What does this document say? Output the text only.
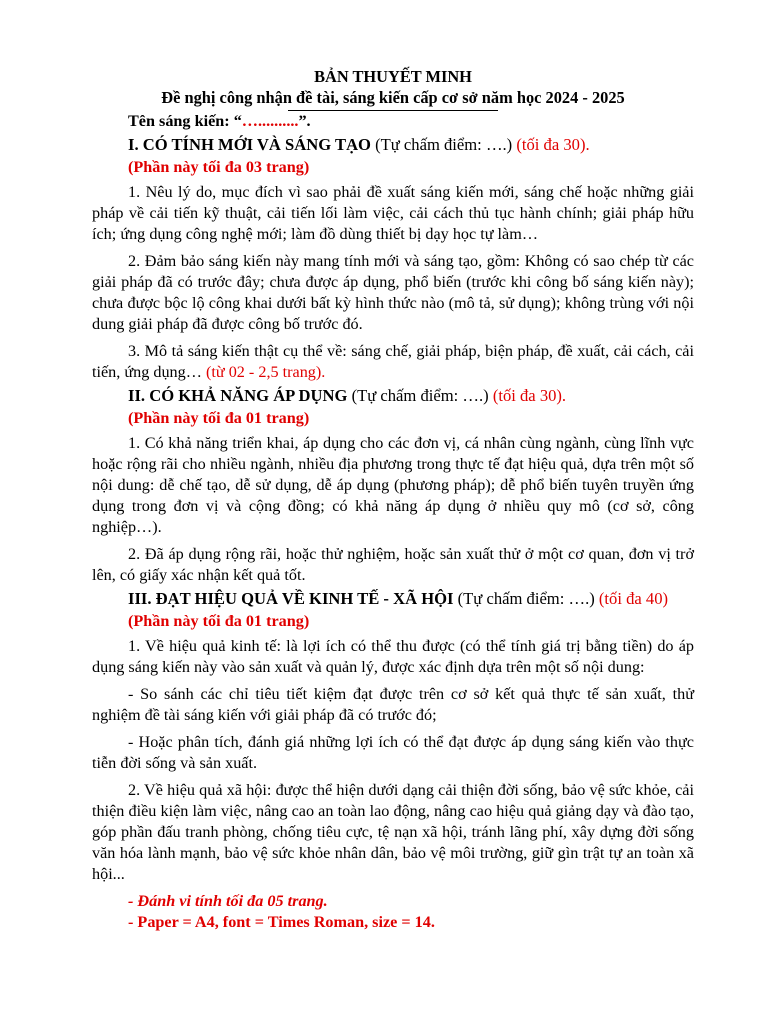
BẢN THUYẾT MINH

Đề nghị công nhận đề tài, sáng kiến cấp cơ sở năm học 2024 - 2025

Tên sáng kiến: “…..........”.

I. CÓ TÍNH MỚI VÀ SÁNG TẠO (Tự chấm điểm: ….) (tối đa 30).

(Phần này tối đa 03 trang)

1. Nêu lý do, mục đích vì sao phải đề xuất sáng kiến mới, sáng chế hoặc những giải pháp về cải tiến kỹ thuật, cải tiến lối làm việc, cải cách thủ tục hành chính; giải pháp hữu ích; ứng dụng công nghệ mới; làm đồ dùng thiết bị dạy học tự làm…

2. Đảm bảo sáng kiến này mang tính mới và sáng tạo, gồm: Không có sao chép từ các giải pháp đã có trước đây; chưa được áp dụng, phổ biến (trước khi công bố sáng kiến này); chưa được bộc lộ công khai dưới bất kỳ hình thức nào (mô tả, sử dụng); không trùng với nội dung giải pháp đã được công bố trước đó.

3. Mô tả sáng kiến thật cụ thể về: sáng chế, giải pháp, biện pháp, đề xuất, cải cách, cải tiến, ứng dụng… (từ 02 - 2,5 trang).

II. CÓ KHẢ NĂNG ÁP DỤNG (Tự chấm điểm: ….) (tối đa 30).

(Phần này tối đa 01 trang)

1. Có khả năng triển khai, áp dụng cho các đơn vị, cá nhân cùng ngành, cùng lĩnh vực hoặc rộng rãi cho nhiều ngành, nhiều địa phương trong thực tế đạt hiệu quả, dựa trên một số nội dung: dễ chế tạo, dễ sử dụng, dễ áp dụng (phương pháp); dễ phổ biến tuyên truyền ứng dụng trong đơn vị và cộng đồng; có khả năng áp dụng ở nhiều quy mô (cơ sở, công nghiệp…).

2. Đã áp dụng rộng rãi, hoặc thử nghiệm, hoặc sản xuất thử ở một cơ quan, đơn vị trở lên, có giấy xác nhận kết quả tốt.

III. ĐẠT HIỆU QUẢ VỀ KINH TẾ - XÃ HỘI (Tự chấm điểm: ….) (tối đa 40)

(Phần này tối đa 01 trang)

1. Về hiệu quả kinh tế: là lợi ích có thể thu được (có thể tính giá trị bằng tiền) do áp dụng sáng kiến này vào sản xuất và quản lý, được xác định dựa trên một số nội dung:

- So sánh các chỉ tiêu tiết kiệm đạt được trên cơ sở kết quả thực tế sản xuất, thử nghiệm đề tài sáng kiến với giải pháp đã có trước đó;

- Hoặc phân tích, đánh giá những lợi ích có thể đạt được áp dụng sáng kiến vào thực tiễn đời sống và sản xuất.

2. Về hiệu quả xã hội: được thể hiện dưới dạng cải thiện đời sống, bảo vệ sức khỏe, cải thiện điều kiện làm việc, nâng cao an toàn lao động, nâng cao hiệu quả giảng dạy và đào tạo, góp phần đấu tranh phòng, chống tiêu cực, tệ nạn xã hội, tránh lãng phí, xây dựng đời sống văn hóa lành mạnh, bảo vệ sức khỏe nhân dân, bảo vệ môi trường, giữ gìn trật tự an toàn xã hội...

- Đánh vi tính tối đa 05 trang.

- Paper = A4, font = Times Roman, size = 14.
